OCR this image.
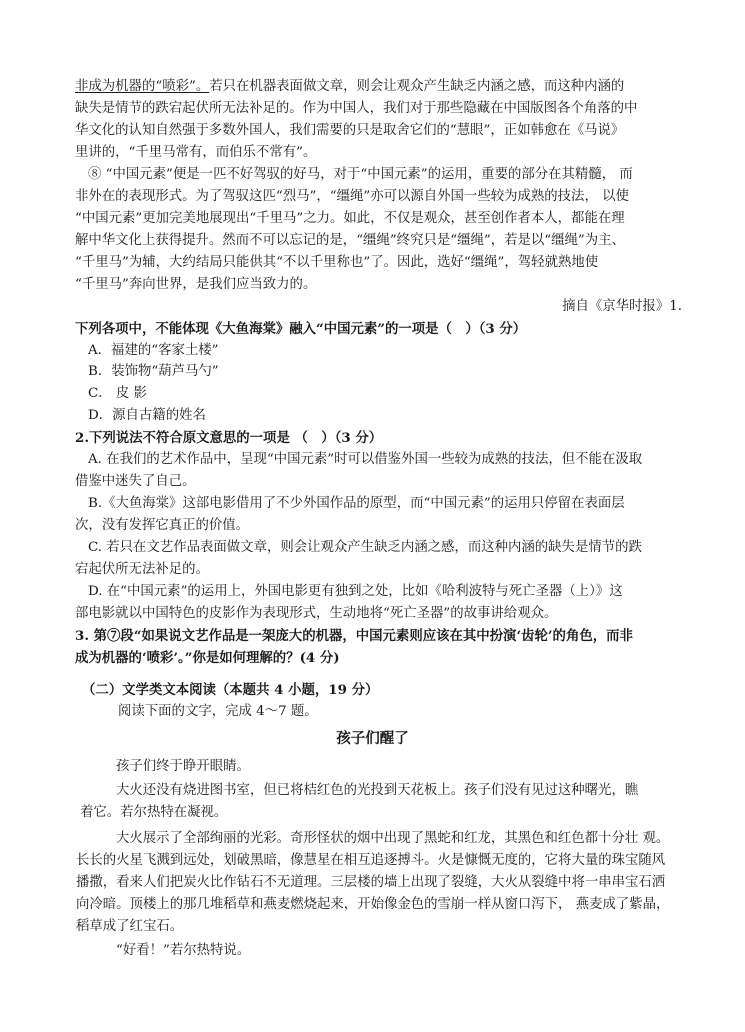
非成为机器的“喷彩”。若只在机器表面做文章，则会让观众产生缺乏内涵之感，而这种内涵的
缺失是情节的跌宕起伏所无法补足的。作为中国人，我们对于那些隐藏在中国版图各个角落的中
华文化的认知自然强于多数外国人，我们需要的只是取舍它们的“慧眼”，正如韩愈在《马说》
里讲的，“千里马常有，而伯乐不常有”。
⑧ “中国元素”便是一匹不好驾驭的好马，对于“中国元素”的运用，重要的部分在其精髓， 而
非外在的表现形式。为了驾驭这匹“烈马”，“缰绳”亦可以源自外国一些较为成熟的技法， 以使
“中国元素”更加完美地展现出“千里马”之力。如此，不仅是观众，甚至创作者本人，都能在理
解中华文化上获得提升。然而不可以忘记的是，“缰绳”终究只是“缰绳”，若是以“缰绳”为主、
“千里马”为辅，大约结局只能供其“不以千里称也”了。因此，选好“缰绳”，驾轻就熟地使
“千里马”奔向世界，是我们应当致力的。
摘自《京华时报》1.
下列各项中，不能体现《大鱼海棠》融入“中国元素”的一项是（　）（3 分）
A．福建的“客家土楼”
B．装饰物“葫芦马勺”
C． 皮 影
D．源自古籍的姓名
2.下列说法不符合原文意思的一项是 （　）（3 分）
A. 在我们的艺术作品中，呈现“中国元素”时可以借鉴外国一些较为成熟的技法，但不能在汲取
借鉴中迷失了自己。
B.《大鱼海棠》这部电影借用了不少外国作品的原型，而“中国元素”的运用只停留在表面层
次，没有发挥它真正的价值。
C. 若只在文艺作品表面做文章，则会让观众产生缺乏内涵之感，而这种内涵的缺失是情节的跌
宕起伏所无法补足的。
D. 在“中国元素”的运用上，外国电影更有独到之处，比如《哈利波特与死亡圣器（上）》这
部电影就以中国特色的皮影作为表现形式，生动地将“死亡圣器”的故事讲给观众。
3. 第⑦段“如果说文艺作品是一架庞大的机器，中国元素则应该在其中扮演‘齿轮’的角色，而非
成为机器的‘喷彩’。”你是如何理解的？(4 分)
（二）文学类文本阅读（本题共 4 小题，19 分）
阅读下面的文字，完成 4～7 题。
孩子们醒了
孩子们终于睁开眼睛。
大火还没有烧进图书室，但已将桔红色的光投到天花板上。孩子们没有见过这种曙光，瞧
着它。若尔热特在凝视。
大火展示了全部绚丽的光彩。奇形怪状的烟中出现了黑蛇和红龙，其黑色和红色都十分壮 观。
长长的火星飞溅到远处，划破黑暗，像慧星在相互追逐搏斗。火是慷慨无度的，它将大量的珠宝随风
播撒，看来人们把炭火比作钻石不无道理。三层楼的墙上出现了裂缝，大火从裂缝中将一串串宝石洒
向冷暗。顶楼上的那几堆稻草和燕麦燃烧起来，开始像金色的雪崩一样从窗口泻下， 燕麦成了紫晶，
稻草成了红宝石。
“好看！”若尔热特说。
